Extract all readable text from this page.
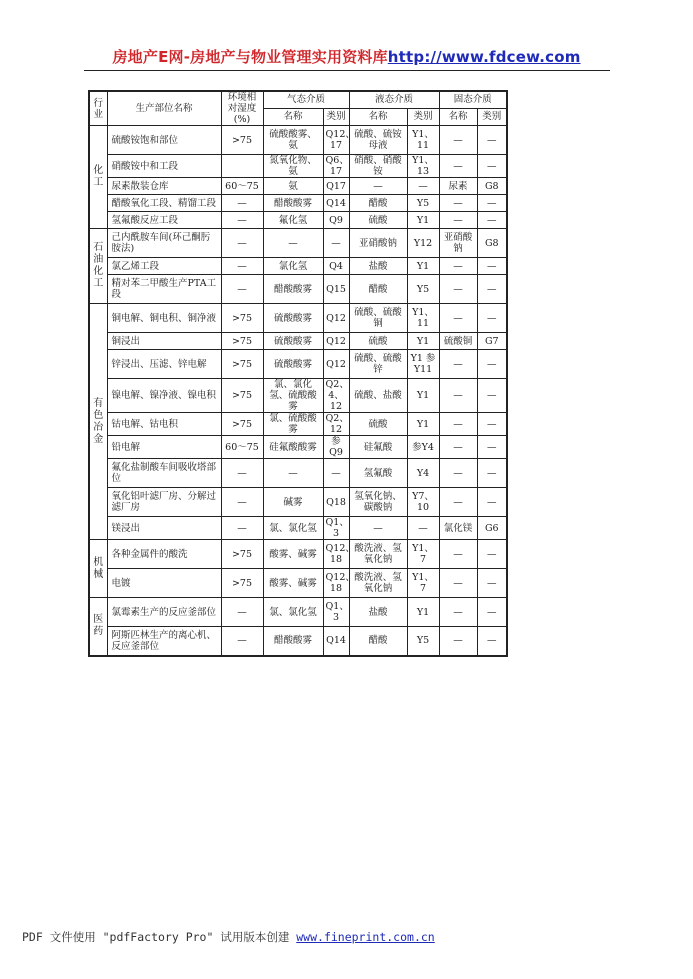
房地产E网-房地产与物业管理实用资料库http://www.fdcew.com
行业	生产部位名称	环境相对湿度(%)	气态介质		液态介质		固态介质	
			名称	类别	名称	类别	名称	类别

化工	硫酸铵饱和部位	>75	硫酸酸雾、氨	Q12、17	硫酸、硫铵母液	Y1、11	—	—
	硝酸铵中和工段		氮氧化物、氨	Q6、17	硝酸、硝酸铵	Y1、13	—	—
	尿素散装仓库	60～75	氨	Q17	—	—	尿素	G8
	醋酸氧化工段、精馏工段	—	醋酸酸雾	Q14	醋酸	Y5	—	—
	氢氟酸反应工段	—	氟化氢	Q9	硫酸	Y1	—	—

石油化工	己内酰胺车间(环己酮肟胺法)	—	—	—	亚硝酸钠	Y12	亚硝酸钠	G8
	氯乙烯工段	—	氯化氢	Q4	盐酸	Y1	—	—
	精对苯二甲酸生产PTA工段	—	醋酸酸雾	Q15	醋酸	Y5	—	—

有色冶金	铜电解、铜电积、铜净液	>75	硫酸酸雾	Q12	硫酸、硫酸铜	Y1、11	—	—
	铜浸出	>75	硫酸酸雾	Q12	硫酸	Y1	硫酸铜	G7
	锌浸出、压滤、锌电解	>75	硫酸酸雾	Q12	硫酸、硫酸锌	Y1 参Y11	—	—
	镍电解、镍净液、镍电积	>75	氯、氯化氢、硫酸酸雾	Q2、4、12	硫酸、盐酸	Y1	—	—
	钴电解、钴电积	>75	氯、硫酸酸雾	Q2、12	硫酸	Y1	—	—
	铅电解	60～75	硅氟酸酸雾	参Q9	硅氟酸	参Y4	—	—
	氟化盐制酸车间吸收塔部位	—	—	—	氢氟酸	Y4	—	—
	氧化铝叶滤厂房、分解过滤厂房	—	碱雾	Q18	氢氧化钠、碳酸钠	Y7、10	—	—
	镁浸出	—	氯、氯化氢	Q1、3	—	—	氯化镁	G6

机械	各种金属件的酸洗	>75	酸雾、碱雾	Q12、18	酸洗液、氢氧化钠	Y1、7	—	—
	电镀	>75	酸雾、碱雾	Q12、18	酸洗液、氢氧化钠	Y1、7	—	—

医药	氯霉素生产的反应釜部位	—	氯、氯化氢	Q1、3	盐酸	Y1	—	—
	阿斯匹林生产的离心机、反应釜部位	—	醋酸酸雾	Q14	醋酸	Y5	—	—
PDF 文件使用 "pdfFactory Pro" 试用版本创建 www.fineprint.com.cn
